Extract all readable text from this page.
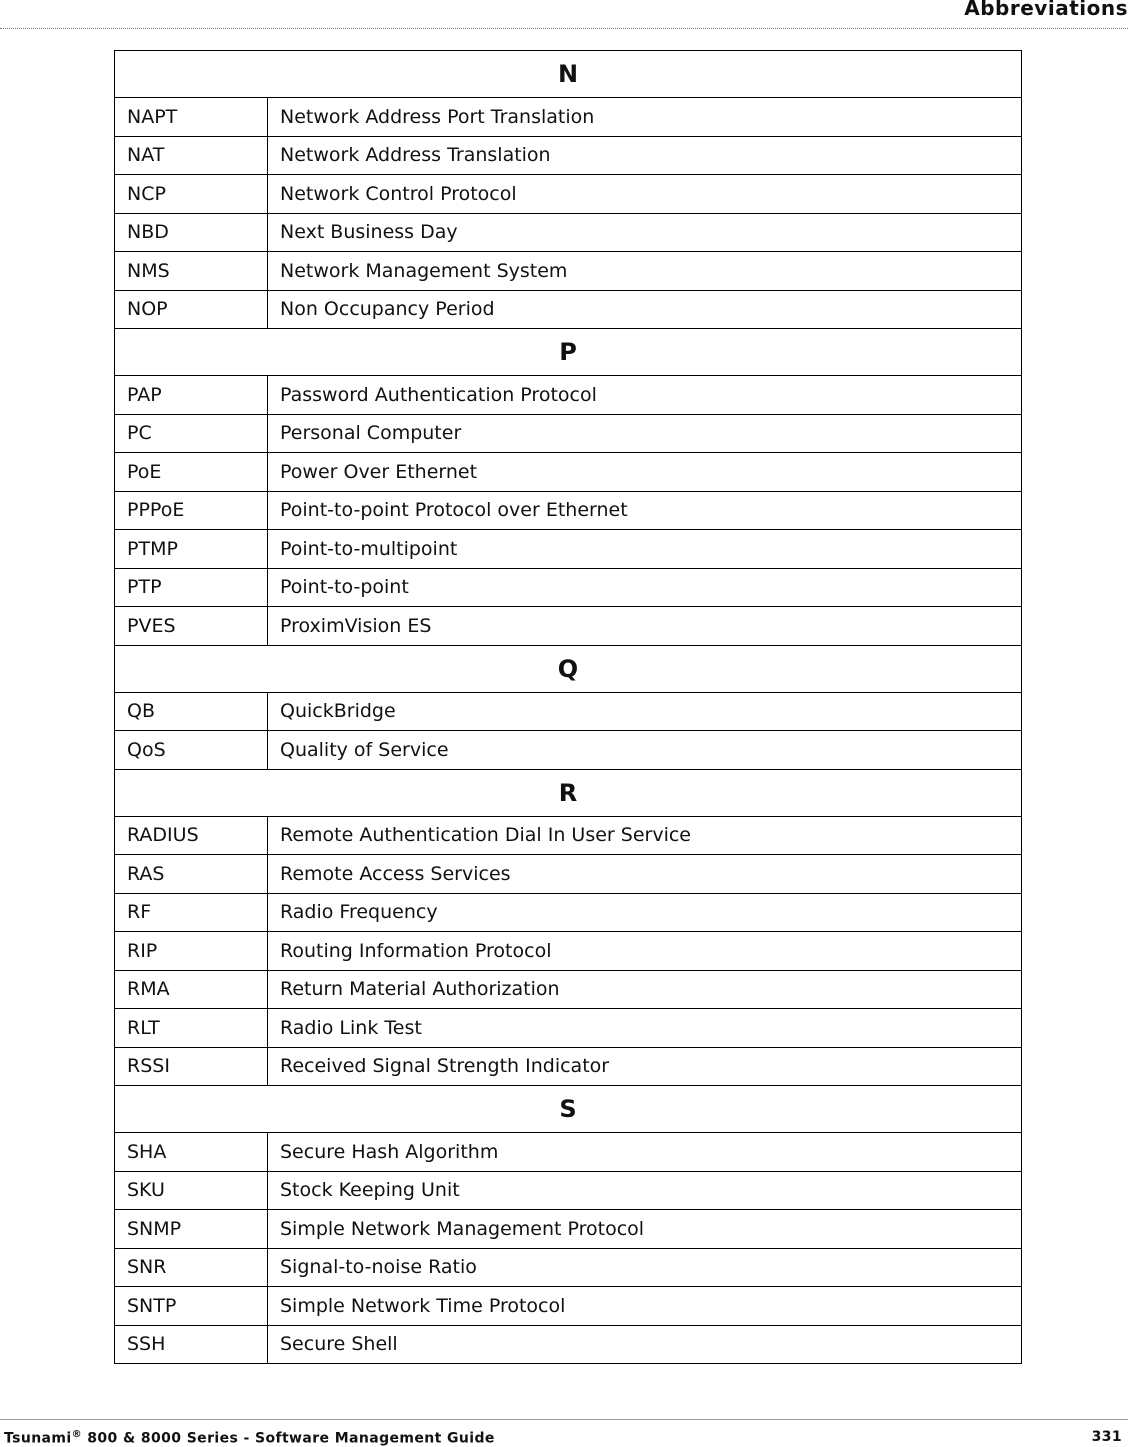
Abbreviations
N	
NAPT	Network Address Port Translation
NAT	Network Address Translation
NCP	Network Control Protocol
NBD	Next Business Day
NMS	Network Management System
NOP	Non Occupancy Period
P	
PAP	Password Authentication Protocol
PC	Personal Computer
PoE	Power Over Ethernet
PPPoE	Point-to-point Protocol over Ethernet
PTMP	Point-to-multipoint
PTP	Point-to-point
PVES	ProximVision ES
Q	
QB	QuickBridge
QoS	Quality of Service
R	
RADIUS	Remote Authentication Dial In User Service
RAS	Remote Access Services
RF	Radio Frequency
RIP	Routing Information Protocol
RMA	Return Material Authorization
RLT	Radio Link Test
RSSI	Received Signal Strength Indicator
S	
SHA	Secure Hash Algorithm
SKU	Stock Keeping Unit
SNMP	Simple Network Management Protocol
SNR	Signal-to-noise Ratio
SNTP	Simple Network Time Protocol
SSH	Secure Shell
Tsunami® 800 & 8000 Series - Software Management Guide	331
